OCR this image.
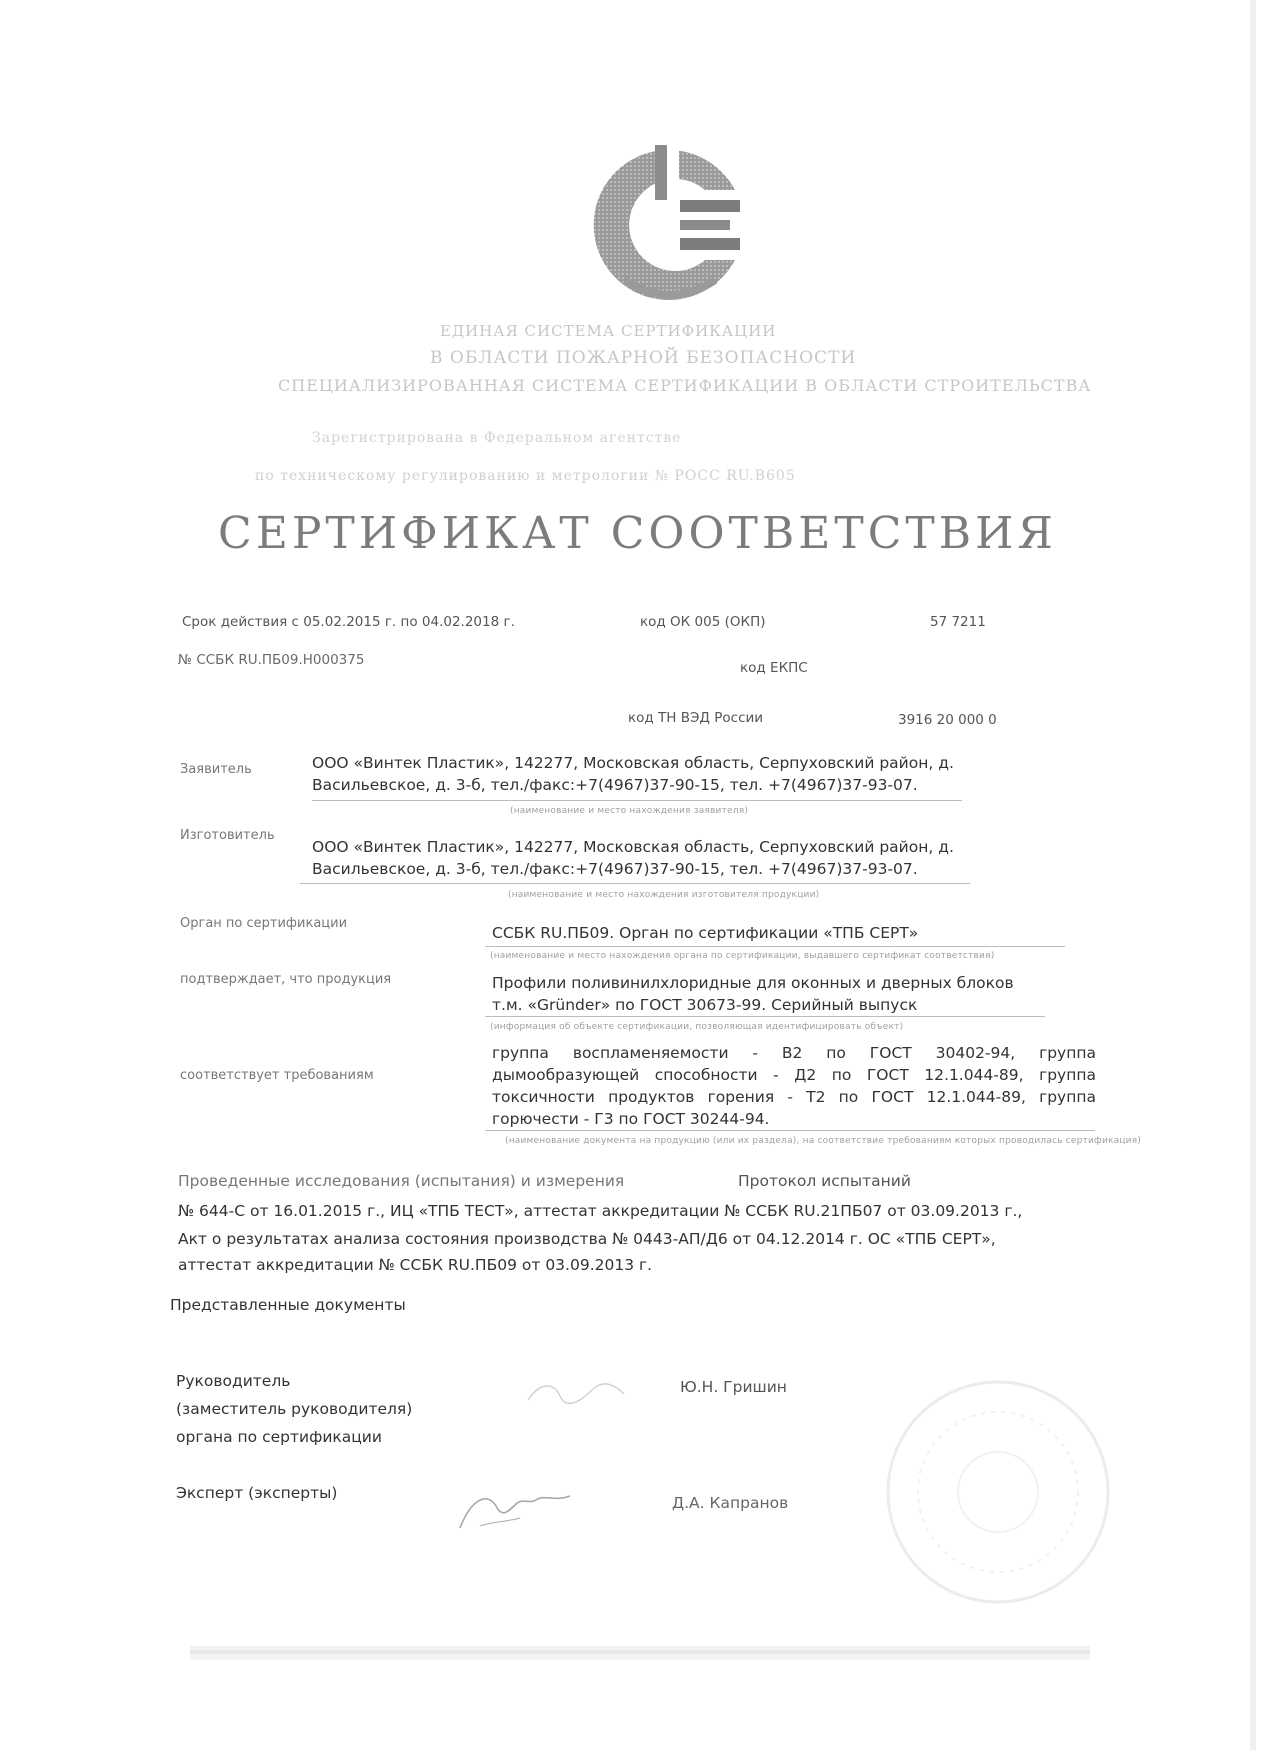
ЕДИНАЯ СИСТЕМА СЕРТИФИКАЦИИ
В ОБЛАСТИ ПОЖАРНОЙ БЕЗОПАСНОСТИ
СПЕЦИАЛИЗИРОВАННАЯ СИСТЕМА СЕРТИФИКАЦИИ В ОБЛАСТИ СТРОИТЕЛЬСТВА
Зарегистрирована в Федеральном агентстве
по техническому регулированию и метрологии № РОСС RU.В605
СЕРТИФИКАТ СООТВЕТСТВИЯ
Срок действия с 05.02.2015 г. по 04.02.2018 г.	код ОК 005 (ОКП)	57 7211
№ ССБК RU.ПБ09.Н000375	код ЕКПС
код ТН ВЭД России	3916 20 000 0
Заявитель	ООО «Винтек Пластик», 142277, Московская область, Серпуховский район, д.
Васильевское, д. 3-б, тел./факс:+7(4967)37-90-15, тел. +7(4967)37-93-07.
(наименование и место нахождения заявителя)
Изготовитель
ООО «Винтек Пластик», 142277, Московская область, Серпуховский район, д.
Васильевское, д. 3-б, тел./факс:+7(4967)37-90-15, тел. +7(4967)37-93-07.
(наименование и место нахождения изготовителя продукции)
Орган по сертификации
ССБК RU.ПБ09. Орган по сертификации «ТПБ СЕРТ»
(наименование и место нахождения органа по сертификации, выдавшего сертификат соответствия)
подтверждает, что продукция	Профили поливинилхлоридные для оконных и дверных блоков
т.м. «Gründer» по ГОСТ 30673-99. Серийный выпуск
(информация об объекте сертификации, позволяющая идентифицировать объект)
соответствует требованиям
группа воспламеняемости - В2 по ГОСТ 30402-94, группа
дымообразующей способности - Д2 по ГОСТ 12.1.044-89, группа
токсичности продуктов горения - Т2 по ГОСТ 12.1.044-89, группа
горючести - Г3 по ГОСТ 30244-94.
(наименование документа на продукцию (или их раздела), на соответствие требованиям которых проводилась сертификация)
Проведенные исследования (испытания) и измерения	Протокол испытаний
№ 644-С от 16.01.2015 г., ИЦ «ТПБ ТЕСТ», аттестат аккредитации № ССБК RU.21ПБ07 от 03.09.2013 г.,
Акт о результатах анализа состояния производства № 0443-АП/Д6 от 04.12.2014 г. ОС «ТПБ СЕРТ»,
аттестат аккредитации № ССБК RU.ПБ09 от 03.09.2013 г.
Представленные документы
Руководитель
(заместитель руководителя)
органа по сертификации
Ю.Н. Гришин
Эксперт (эксперты)
Д.А. Капранов
